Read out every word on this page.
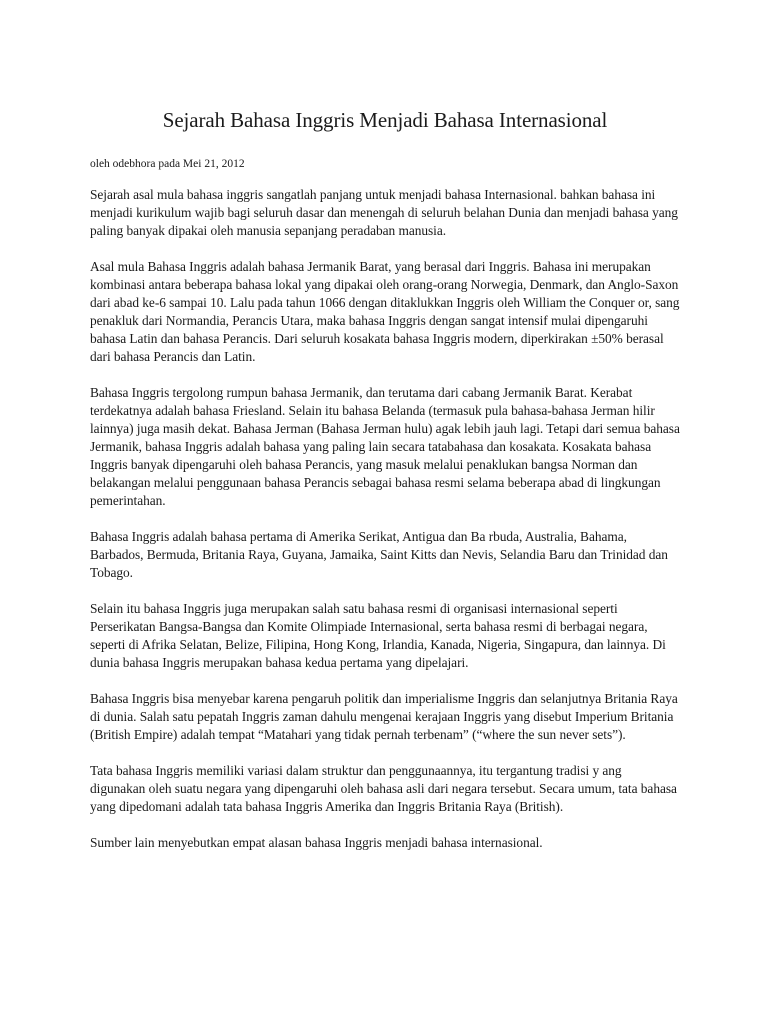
Sejarah Bahasa Inggris Menjadi Bahasa Internasional
oleh odebhora pada Mei 21, 2012

Sejarah asal mula bahasa inggris sangatlah panjang untuk menjadi bahasa Internasional. bahkan bahasa ini menjadi kurikulum wajib bagi seluruh dasar dan menengah di seluruh belahan Dunia dan menjadi bahasa yang paling banyak dipakai oleh manusia sepanjang peradaban manusia.

Asal mula Bahasa Inggris adalah bahasa Jermanik Barat, yang berasal dari Inggris. Bahasa ini merupakan kombinasi antara beberapa bahasa lokal yang dipakai oleh orang-orang Norwegia, Denmark, dan Anglo-Saxon dari abad ke-6 sampai 10. Lalu pada tahun 1066 dengan ditaklukkan Inggris oleh William the Conquer or, sang penakluk dari Normandia, Perancis Utara, maka bahasa Inggris dengan sangat intensif mulai dipengaruhi bahasa Latin dan bahasa Perancis. Dari seluruh kosakata bahasa Inggris modern, diperkirakan ±50% berasal dari bahasa Perancis dan Latin.

Bahasa Inggris tergolong rumpun bahasa Jermanik, dan terutama dari cabang Jermanik Barat. Kerabat terdekatnya adalah bahasa Friesland. Selain itu bahasa Belanda (termasuk pula bahasa-bahasa Jerman hilir lainnya) juga masih dekat. Bahasa Jerman (Bahasa Jerman hulu) agak lebih jauh lagi. Tetapi dari semua bahasa Jermanik, bahasa Inggris adalah bahasa yang paling lain secara tatabahasa dan kosakata. Kosakata bahasa Inggris banyak dipengaruhi oleh bahasa Perancis, yang masuk melalui penaklukan bangsa Norman dan belakangan melalui penggunaan bahasa Perancis sebagai bahasa resmi selama beberapa abad di lingkungan pemerintahan.

Bahasa Inggris adalah bahasa pertama di Amerika Serikat, Antigua dan Ba rbuda, Australia, Bahama, Barbados, Bermuda, Britania Raya, Guyana, Jamaika, Saint Kitts dan Nevis, Selandia Baru dan Trinidad dan Tobago.

Selain itu bahasa Inggris juga merupakan salah satu bahasa resmi di organisasi internasional seperti Perserikatan Bangsa-Bangsa dan Komite Olimpiade Internasional, serta bahasa resmi di berbagai negara, seperti di Afrika Selatan, Belize, Filipina, Hong Kong, Irlandia, Kanada, Nigeria, Singapura, dan lainnya. Di dunia bahasa Inggris merupakan bahasa kedua pertama yang dipelajari.

Bahasa Inggris bisa menyebar karena pengaruh politik dan imperialisme Inggris dan selanjutnya Britania Raya di dunia. Salah satu pepatah Inggris zaman dahulu mengenai kerajaan Inggris yang disebut Imperium Britania (British Empire) adalah tempat “Matahari yang tidak pernah terbenam” (“where the sun never sets”).

Tata bahasa Inggris memiliki variasi dalam struktur dan penggunaannya, itu tergantung tradisi y ang digunakan oleh suatu negara yang dipengaruhi oleh bahasa asli dari negara tersebut. Secara umum, tata bahasa yang dipedomani adalah tata bahasa Inggris Amerika dan Inggris Britania Raya (British).

Sumber lain menyebutkan empat alasan bahasa Inggris menjadi bahasa internasional.
